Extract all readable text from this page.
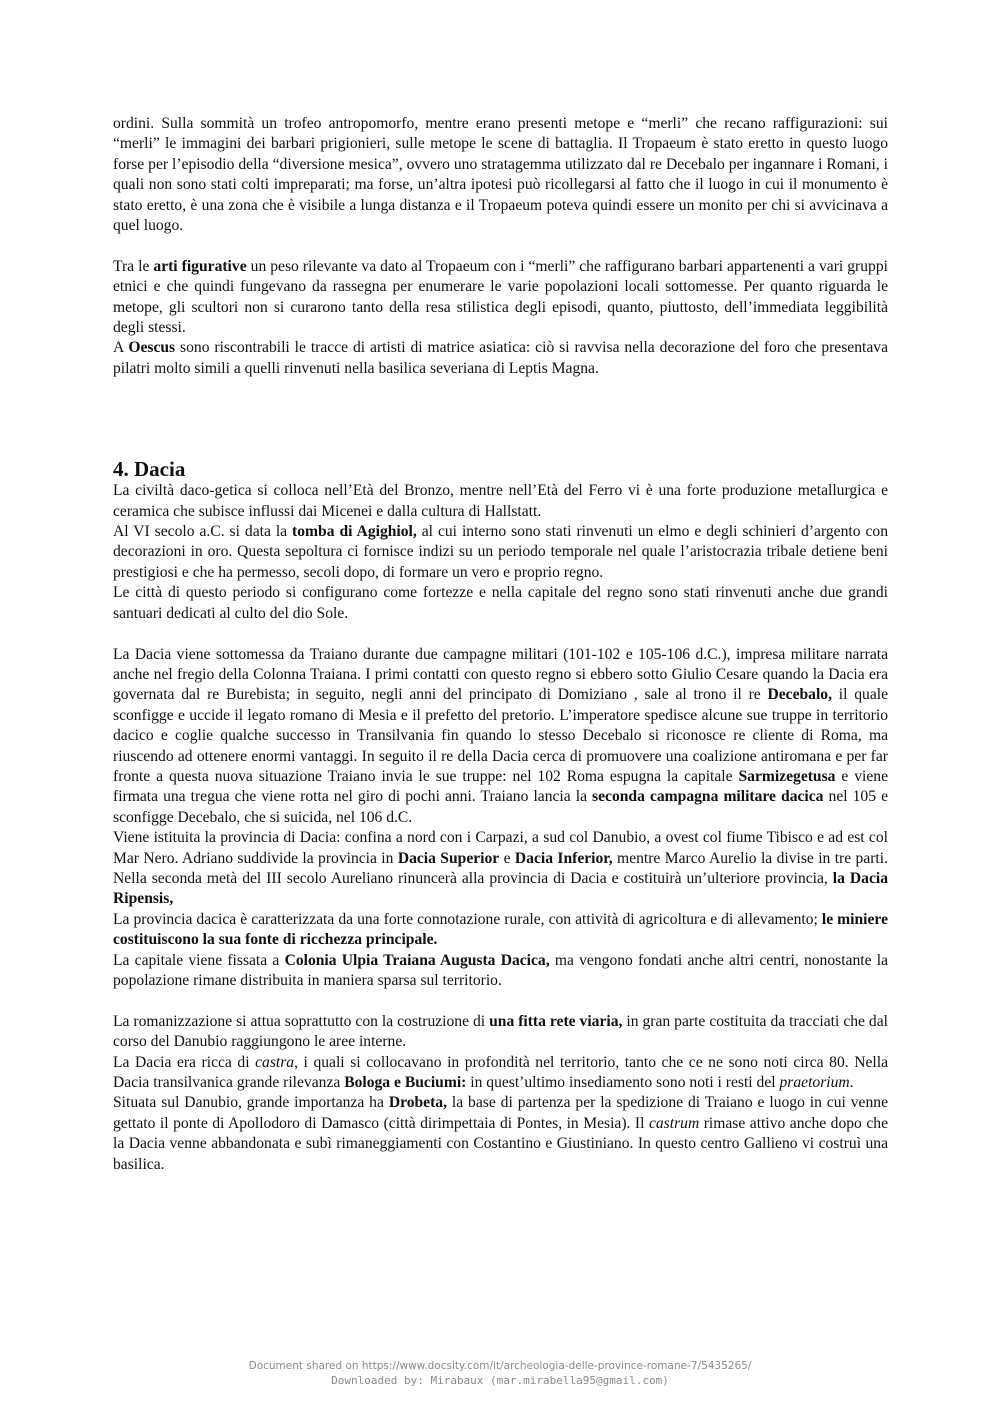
ordini. Sulla sommità un trofeo antropomorfo, mentre erano presenti metope e “merli” che recano raffigurazioni: sui “merli” le immagini dei barbari prigionieri, sulle metope le scene di battaglia. Il Tropaeum è stato eretto in questo luogo forse per l’episodio della “diversione mesica”, ovvero uno stratagemma utilizzato dal re Decebalo per ingannare i Romani, i quali non sono stati colti impreparati; ma forse, un’altra ipotesi può ricollegarsi al fatto che il luogo in cui il monumento è stato eretto, è una zona che è visibile a lunga distanza e il Tropaeum poteva quindi essere un monito per chi si avvicinava a quel luogo.

Tra le arti figurative un peso rilevante va dato al Tropaeum con i “merli” che raffigurano barbari appartenenti a vari gruppi etnici e che quindi fungevano da rassegna per enumerare le varie popolazioni locali sottomesse. Per quanto riguarda le metope, gli scultori non si curarono tanto della resa stilistica degli episodi, quanto, piuttosto, dell’immediata leggibilità degli stessi.

A Oescus sono riscontrabili le tracce di artisti di matrice asiatica: ciò si ravvisa nella decorazione del foro che presentava pilatri molto simili a quelli rinvenuti nella basilica severiana di Leptis Magna.

4. Dacia

La civiltà daco-getica si colloca nell’Età del Bronzo, mentre nell’Età del Ferro vi è una forte produzione metallurgica e ceramica che subisce influssi dai Micenei e dalla cultura di Hallstatt.

Al VI secolo a.C. si data la tomba di Agighiol, al cui interno sono stati rinvenuti un elmo e degli schinieri d’argento con decorazioni in oro. Questa sepoltura ci fornisce indizi su un periodo temporale nel quale l’aristocrazia tribale detiene beni prestigiosi e che ha permesso, secoli dopo, di formare un vero e proprio regno.

Le città di questo periodo si configurano come fortezze e nella capitale del regno sono stati rinvenuti anche due grandi santuari dedicati al culto del dio Sole.

La Dacia viene sottomessa da Traiano durante due campagne militari (101-102 e 105-106 d.C.), impresa militare narrata anche nel fregio della Colonna Traiana. I primi contatti con questo regno si ebbero sotto Giulio Cesare quando la Dacia era governata dal re Burebista; in seguito, negli anni del principato di Domiziano , sale al trono il re Decebalo, il quale sconfigge e uccide il legato romano di Mesia e il prefetto del pretorio. L’imperatore spedisce alcune sue truppe in territorio dacico e coglie qualche successo in Transilvania fin quando lo stesso Decebalo si riconosce re cliente di Roma, ma riuscendo ad ottenere enormi vantaggi. In seguito il re della Dacia cerca di promuovere una coalizione antiromana e per far fronte a questa nuova situazione Traiano invia le sue truppe: nel 102 Roma espugna la capitale Sarmizegetusa e viene firmata una tregua che viene rotta nel giro di pochi anni. Traiano lancia la seconda campagna militare dacica nel 105 e sconfigge Decebalo, che si suicida, nel 106 d.C.

Viene istituita la provincia di Dacia: confina a nord con i Carpazi, a sud col Danubio, a ovest col fiume Tibisco e ad est col Mar Nero. Adriano suddivide la provincia in Dacia Superior e Dacia Inferior, mentre Marco Aurelio la divise in tre parti. Nella seconda metà del III secolo Aureliano rinuncerà alla provincia di Dacia e costituirà un’ulteriore provincia, la Dacia Ripensis,

La provincia dacica è caratterizzata da una forte connotazione rurale, con attività di agricoltura e di allevamento; le miniere costituiscono la sua fonte di ricchezza principale.

La capitale viene fissata a Colonia Ulpia Traiana Augusta Dacica, ma vengono fondati anche altri centri, nonostante la popolazione rimane distribuita in maniera sparsa sul territorio.

La romanizzazione si attua soprattutto con la costruzione di una fitta rete viaria, in gran parte costituita da tracciati che dal corso del Danubio raggiungono le aree interne.

La Dacia era ricca di castra, i quali si collocavano in profondità nel territorio, tanto che ce ne sono noti circa 80. Nella Dacia transilvanica grande rilevanza Bologa e Buciumi: in quest’ultimo insediamento sono noti i resti del praetorium.

Situata sul Danubio, grande importanza ha Drobeta, la base di partenza per la spedizione di Traiano e luogo in cui venne gettato il ponte di Apollodoro di Damasco (città dirimpettaia di Pontes, in Mesia). Il castrum rimase attivo anche dopo che la Dacia venne abbandonata e subì rimaneggiamenti con Costantino e Giustiniano. In questo centro Gallieno vi costruì una basilica.

Document shared on https://www.docsity.com/it/archeologia-delle-province-romane-7/5435265/
Downloaded by: Mirabaux (mar.mirabella95@gmail.com)
